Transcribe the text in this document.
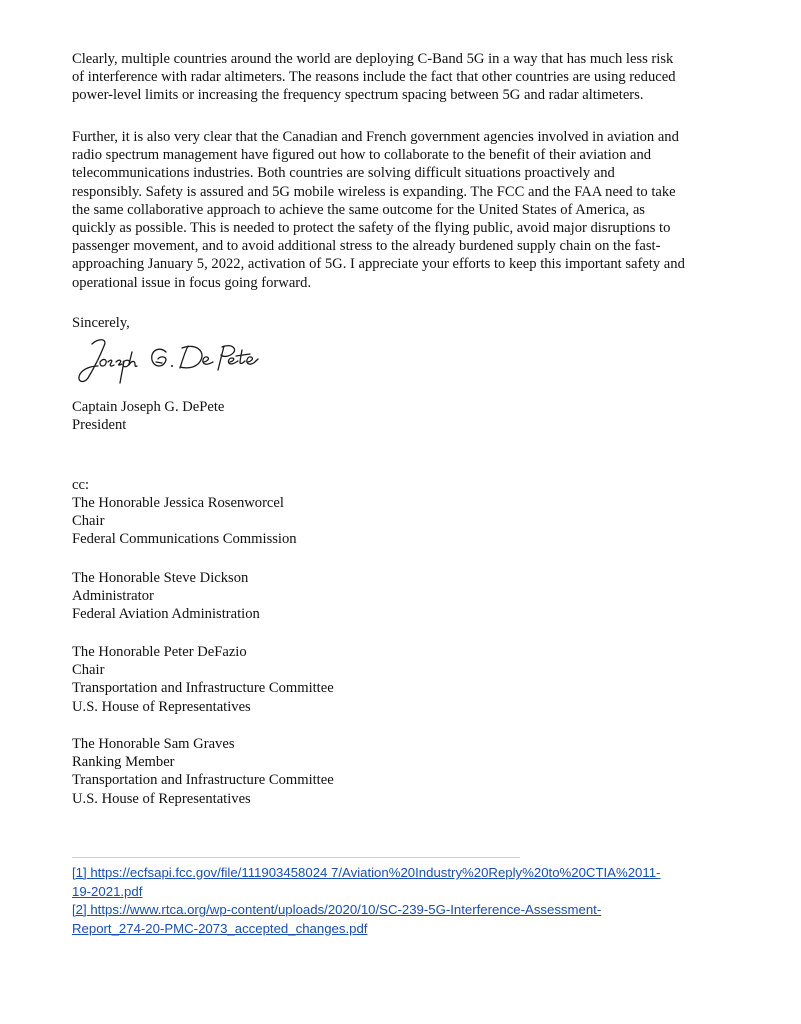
Clearly, multiple countries around the world are deploying C-Band 5G in a way that has much less risk
of interference with radar altimeters. The reasons include the fact that other countries are using reduced
power-level limits or increasing the frequency spectrum spacing between 5G and radar altimeters.

Further, it is also very clear that the Canadian and French government agencies involved in aviation and
radio spectrum management have figured out how to collaborate to the benefit of their aviation and
telecommunications industries. Both countries are solving difficult situations proactively and
responsibly. Safety is assured and 5G mobile wireless is expanding. The FCC and the FAA need to take
the same collaborative approach to achieve the same outcome for the United States of America, as
quickly as possible. This is needed to protect the safety of the flying public, avoid major disruptions to
passenger movement, and to avoid additional stress to the already burdened supply chain on the fast-
approaching January 5, 2022, activation of 5G. I appreciate your efforts to keep this important safety and
operational issue in focus going forward.

Sincerely,
Captain Joseph G. DePete
President
cc:
The Honorable Jessica Rosenworcel
Chair
Federal Communications Commission
The Honorable Steve Dickson
Administrator
Federal Aviation Administration
The Honorable Peter DeFazio
Chair
Transportation and Infrastructure Committee
U.S. House of Representatives
The Honorable Sam Graves
Ranking Member
Transportation and Infrastructure Committee
U.S. House of Representatives
[1] https://ecfsapi.fcc.gov/file/111903458024 7/Aviation%20Industry%20Reply%20to%20CTIA%2011-
19-2021.pdf
[2] https://www.rtca.org/wp-content/uploads/2020/10/SC-239-5G-Interference-Assessment-
Report_274-20-PMC-2073_accepted_changes.pdf
